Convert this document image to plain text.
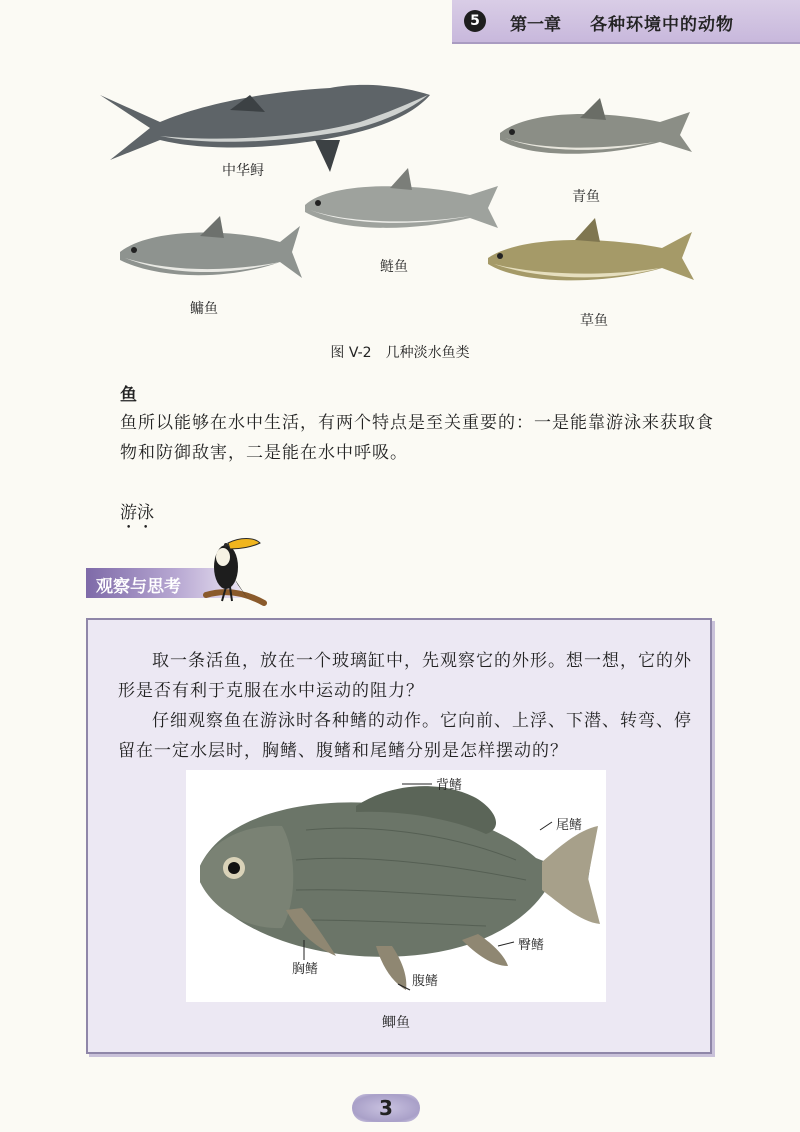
5	第一章 各种环境中的动物
中华鲟
青鱼
鲢鱼
鳙鱼
草鱼
图 V-2　几种淡水鱼类
鱼
鱼所以能够在水中生活，有两个特点是至关重要的：一是能靠游泳来获取食物和防御敌害，二是能在水中呼吸。
游泳
观察与思考
取一条活鱼，放在一个玻璃缸中，先观察它的外形。想一想，它的外形是否有利于克服在水中运动的阻力？
仔细观察鱼在游泳时各种鳍的动作。它向前、上浮、下潜、转弯、停留在一定水层时，胸鳍、腹鳍和尾鳍分别是怎样摆动的？
背鳍
尾鳍
臀鳍
胸鳍
腹鳍
鲫鱼
3
